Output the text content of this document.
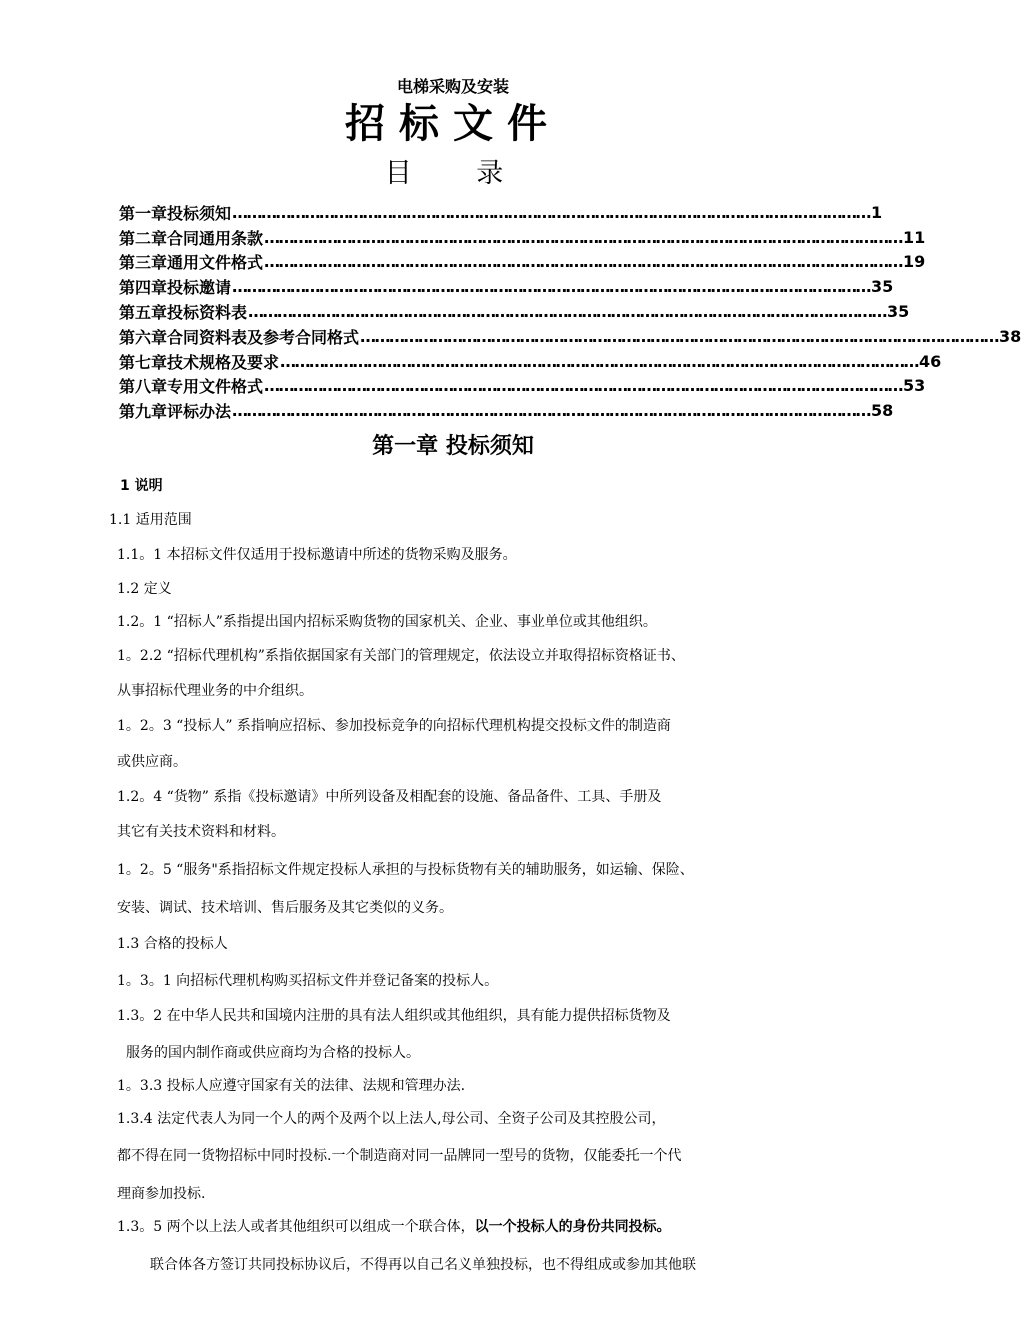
电梯采购及安装
招标文件
目 录
第一章 投标须知 …………………………………………………………………………………………………………………… 1
第二章 合同通用条款 …………………………………………………………………………………………………………………… 11
第三章 通用文件格式 …………………………………………………………………………………………………………………… 19
第四章 投标邀请 …………………………………………………………………………………………………………………… 35
第五章 投标资料表 …………………………………………………………………………………………………………………… 35
第六章 合同资料表及参考合同格式 …………………………………………………………………………………………………………………… 38
第七章 技术规格及要求 …………………………………………………………………………………………………………………… 46
第八章 专用文件格式 …………………………………………………………………………………………………………………… 53
第九章 评标办法 …………………………………………………………………………………………………………………… 58
第一章 投标须知
1 说明
1.1 适用范围
1.1。1 本招标文件仅适用于投标邀请中所述的货物采购及服务。
1.2 定义
1.2。1 “招标人”系指提出国内招标采购货物的国家机关、企业、事业单位或其他组织。
1。2.2 “招标代理机构”系指依据国家有关部门的管理规定，依法设立并取得招标资格证书、
从事招标代理业务的中介组织。
1。2。3 “投标人” 系指响应招标、参加投标竞争的向招标代理机构提交投标文件的制造商
或供应商。
1.2。4 “货物” 系指《投标邀请》中所列设备及相配套的设施、备品备件、工具、手册及
其它有关技术资料和材料。
1。2。5 “服务"系指招标文件规定投标人承担的与投标货物有关的辅助服务，如运输、保险、
安装、调试、技术培训、售后服务及其它类似的义务。
1.3 合格的投标人
1。3。1 向招标代理机构购买招标文件并登记备案的投标人。
1.3。2 在中华人民共和国境内注册的具有法人组织或其他组织，具有能力提供招标货物及
服务的国内制作商或供应商均为合格的投标人。
1。3.3 投标人应遵守国家有关的法律、法规和管理办法.
1.3.4 法定代表人为同一个人的两个及两个以上法人,母公司、全资子公司及其控股公司，
都不得在同一货物招标中同时投标.一个制造商对同一品牌同一型号的货物，仅能委托一个代
理商参加投标.
1.3。5 两个以上法人或者其他组织可以组成一个联合体，以一个投标人的身份共同投标。
联合体各方签订共同投标协议后，不得再以自己名义单独投标，也不得组成或参加其他联
